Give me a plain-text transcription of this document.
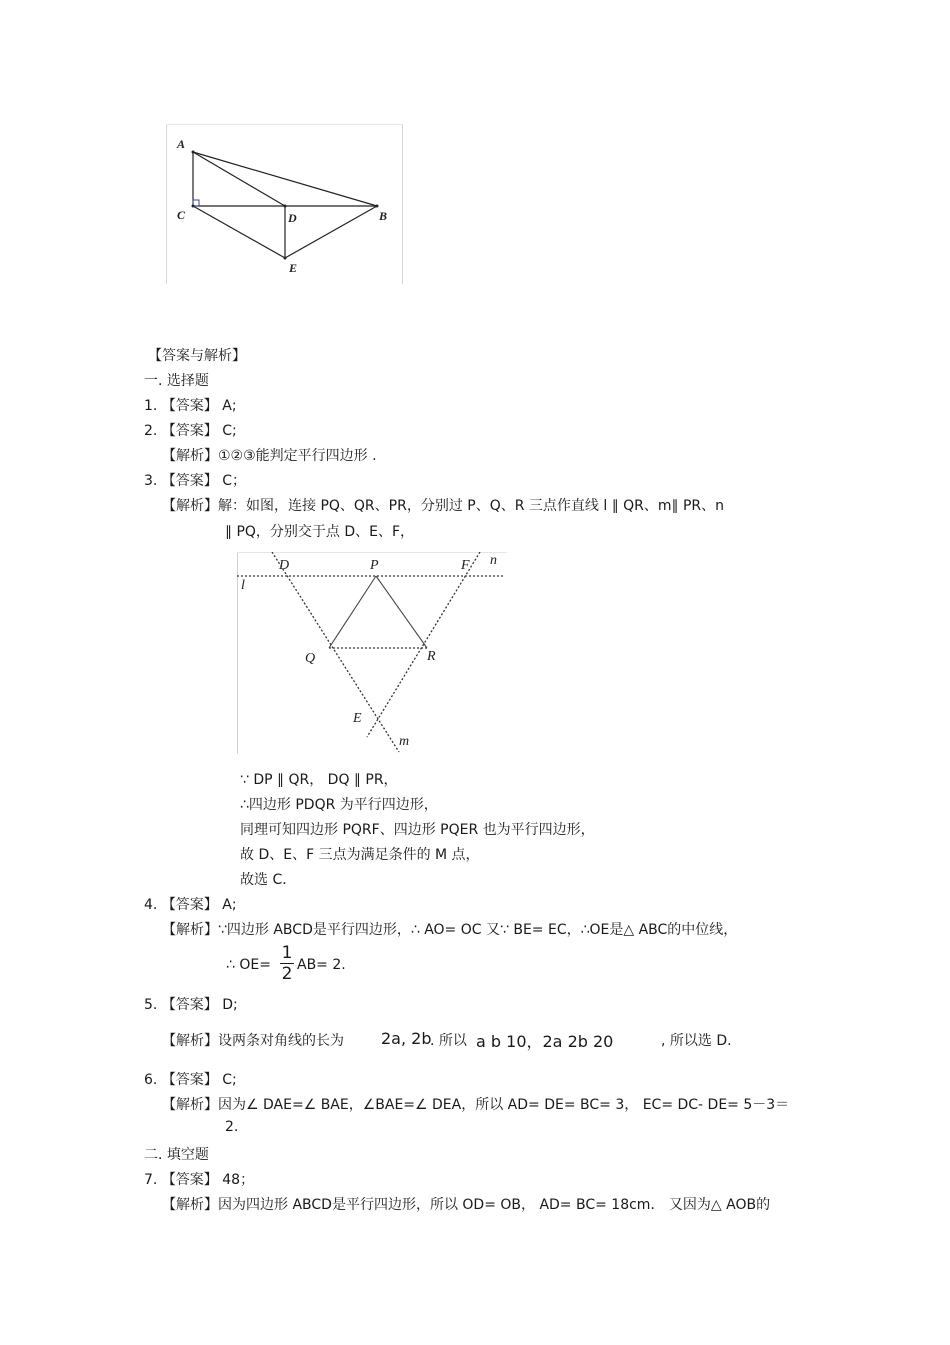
A
C	D	B
E
【答案与解析】
一. 选择题
1. 【答案】 A;
2. 【答案】 C;
【解析】①②③能判定平行四边形 .
3. 【答案】 C；
【解析】解：如图，连接 PQ、QR、PR，分别过 P、Q、R 三点作直线 l ∥ QR、m∥ PR、n
∥ PQ，分别交于点 D、E、F，
D	P	F n
l
Q	R
E
m
∵ DP ∥ QR， DQ ∥ PR，
∴四边形 PDQR 为平行四边形，
同理可知四边形 PQRF、四边形 PQER 也为平行四边形，
故 D、E、F 三点为满足条件的 M 点，
故选 C．
4. 【答案】 A;
【解析】∵四边形 ABCD是平行四边形，∴ AO= OC 又∵ BE= EC，∴OE是△ ABC的中位线，
∴ OE=
1
2 AB= 2.
5. 【答案】 D;
【解析】设两条对角线的长为 2a, 2b
. 所以 a b 10，2a 2b 20	, 所以选 D.
6. 【答案】 C;
【解析】因为∠ DAE=∠ BAE，∠BAE=∠ DEA，所以 AD= DE= BC= 3， EC= DC- DE= 5－3＝
2.
二. 填空题
7. 【答案】 48；
【解析】因为四边形 ABCD是平行四边形，所以 OD= OB， AD= BC= 18cm． 又因为△ AOB的
